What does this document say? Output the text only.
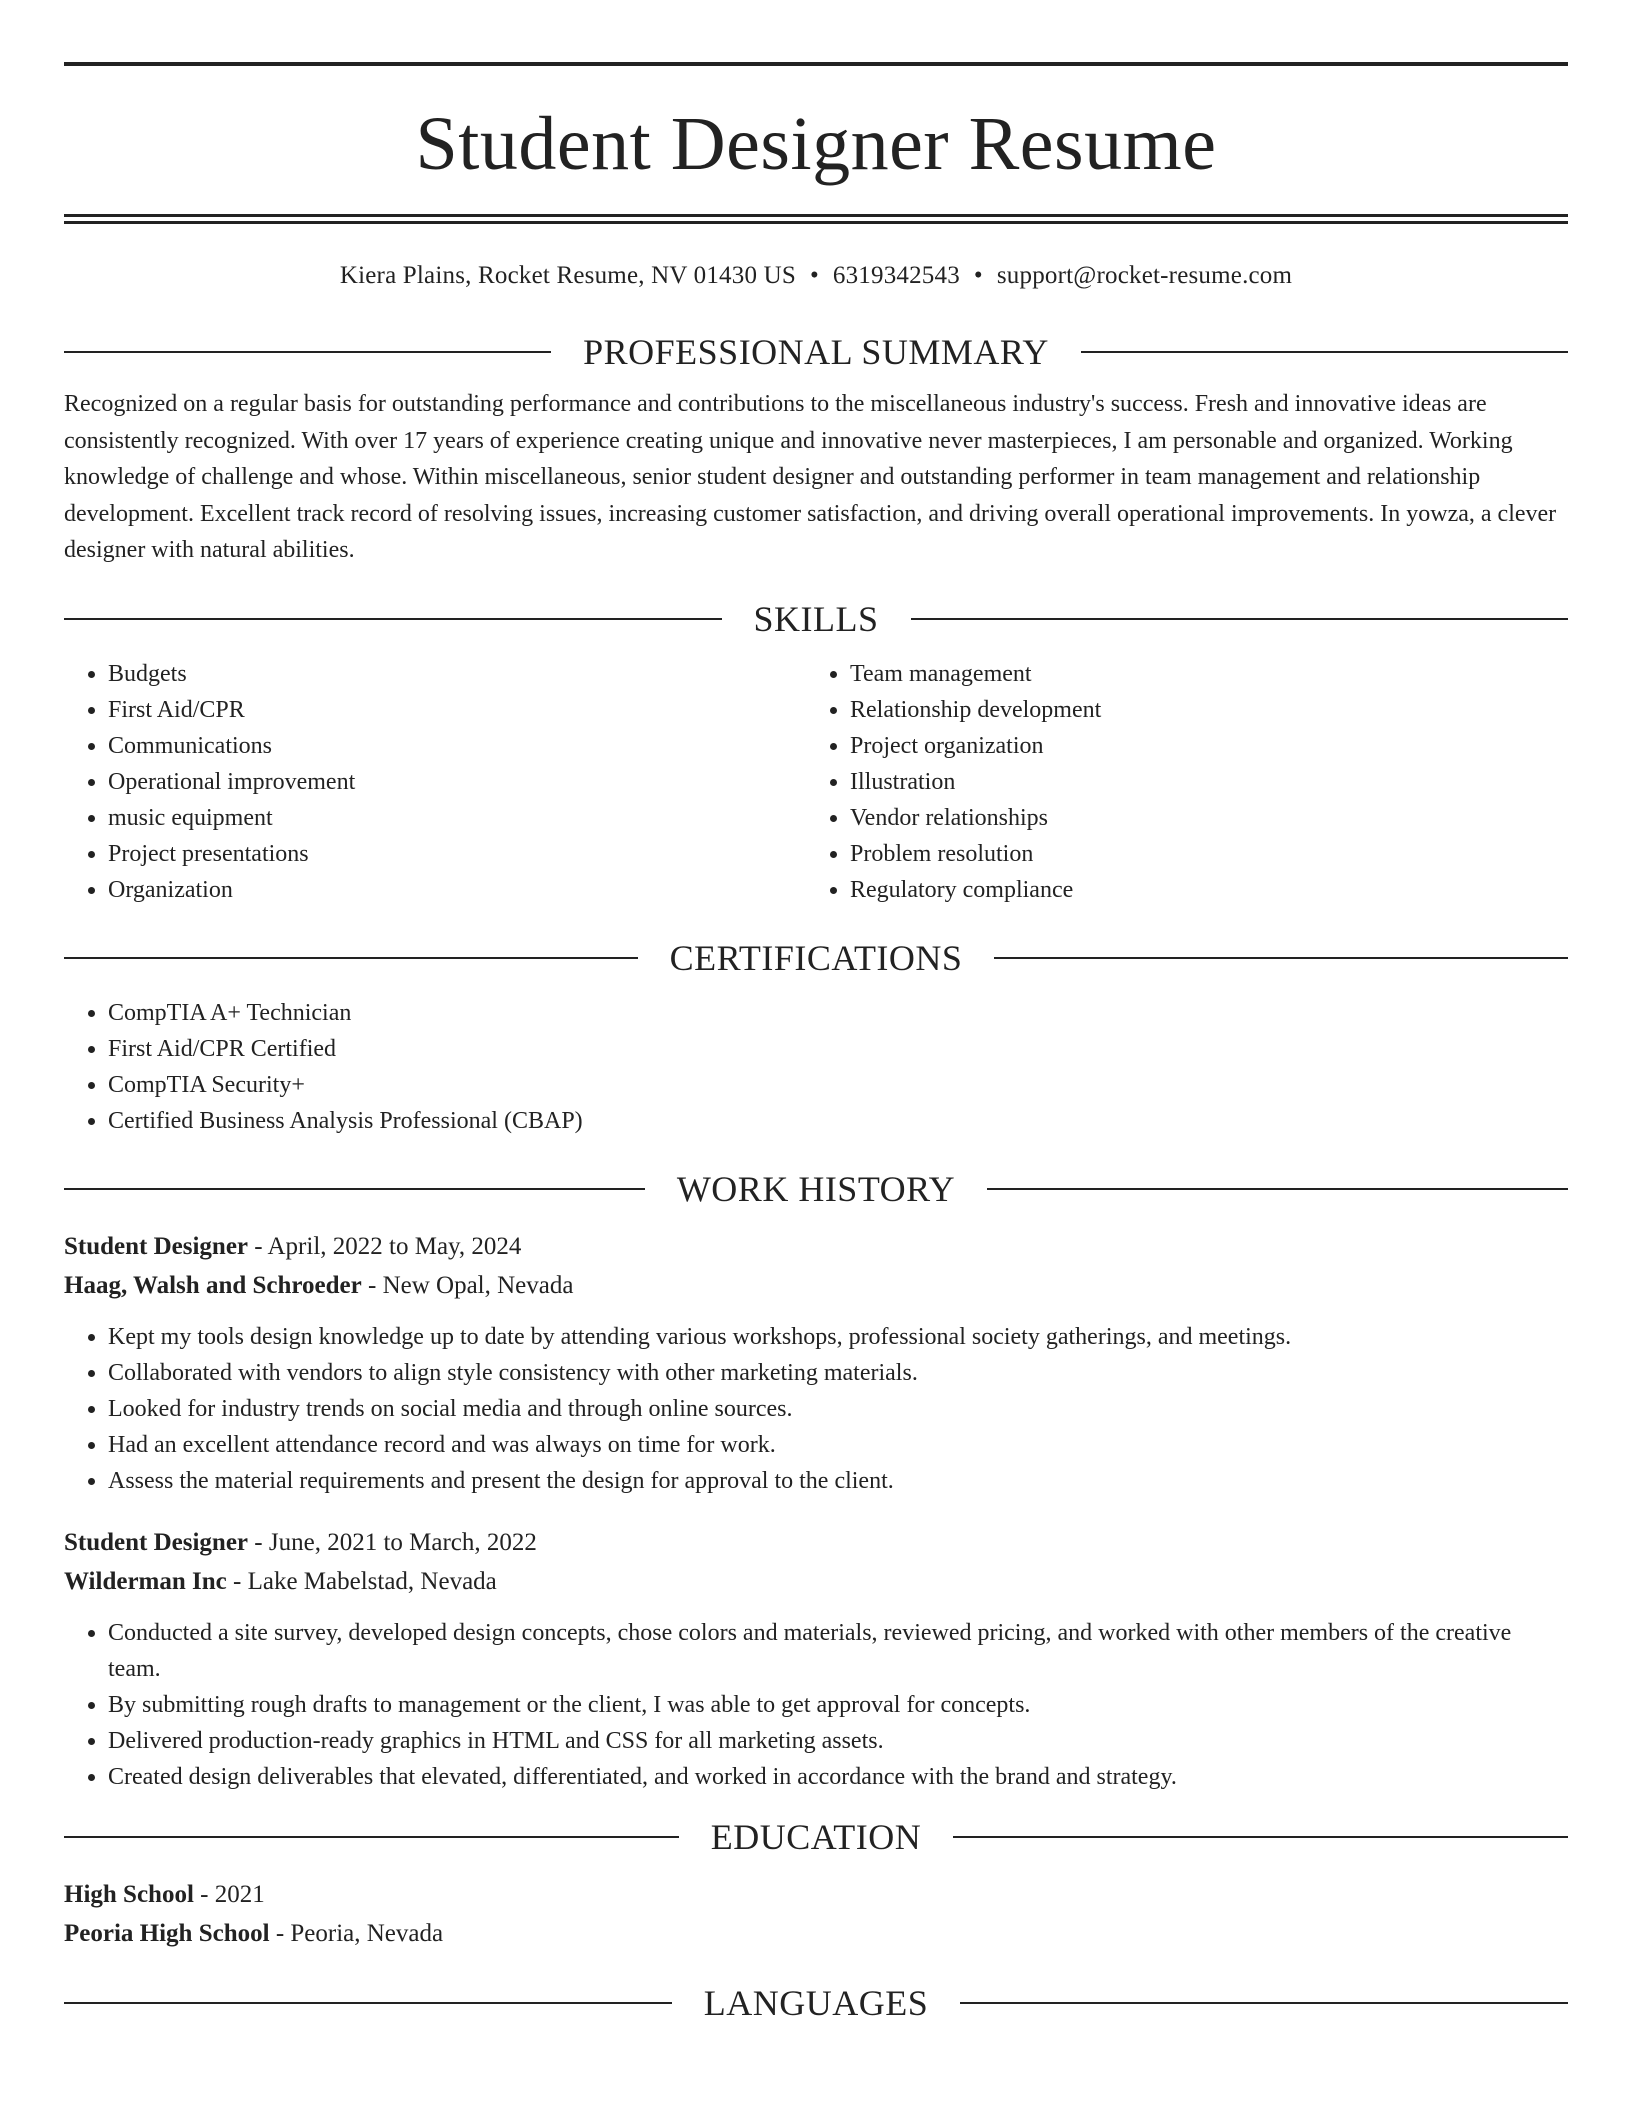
Student Designer Resume
Kiera Plains, Rocket Resume, NV 01430 US • 6319342543 • support@rocket-resume.com
PROFESSIONAL SUMMARY
Recognized on a regular basis for outstanding performance and contributions to the miscellaneous industry's success. Fresh and innovative ideas are consistently recognized. With over 17 years of experience creating unique and innovative never masterpieces, I am personable and organized. Working knowledge of challenge and whose. Within miscellaneous, senior student designer and outstanding performer in team management and relationship development. Excellent track record of resolving issues, increasing customer satisfaction, and driving overall operational improvements. In yowza, a clever designer with natural abilities.
SKILLS
• Budgets
• First Aid/CPR
• Communications
• Operational improvement
• music equipment
• Project presentations
• Organization
• Team management
• Relationship development
• Project organization
• Illustration
• Vendor relationships
• Problem resolution
• Regulatory compliance
CERTIFICATIONS
• CompTIA A+ Technician
• First Aid/CPR Certified
• CompTIA Security+
• Certified Business Analysis Professional (CBAP)
WORK HISTORY
Student Designer - April, 2022 to May, 2024
Haag, Walsh and Schroeder - New Opal, Nevada
• Kept my tools design knowledge up to date by attending various workshops, professional society gatherings, and meetings.
• Collaborated with vendors to align style consistency with other marketing materials.
• Looked for industry trends on social media and through online sources.
• Had an excellent attendance record and was always on time for work.
• Assess the material requirements and present the design for approval to the client.
Student Designer - June, 2021 to March, 2022
Wilderman Inc - Lake Mabelstad, Nevada
• Conducted a site survey, developed design concepts, chose colors and materials, reviewed pricing, and worked with other members of the creative team.
• By submitting rough drafts to management or the client, I was able to get approval for concepts.
• Delivered production-ready graphics in HTML and CSS for all marketing assets.
• Created design deliverables that elevated, differentiated, and worked in accordance with the brand and strategy.
EDUCATION
High School - 2021
Peoria High School - Peoria, Nevada
LANGUAGES
